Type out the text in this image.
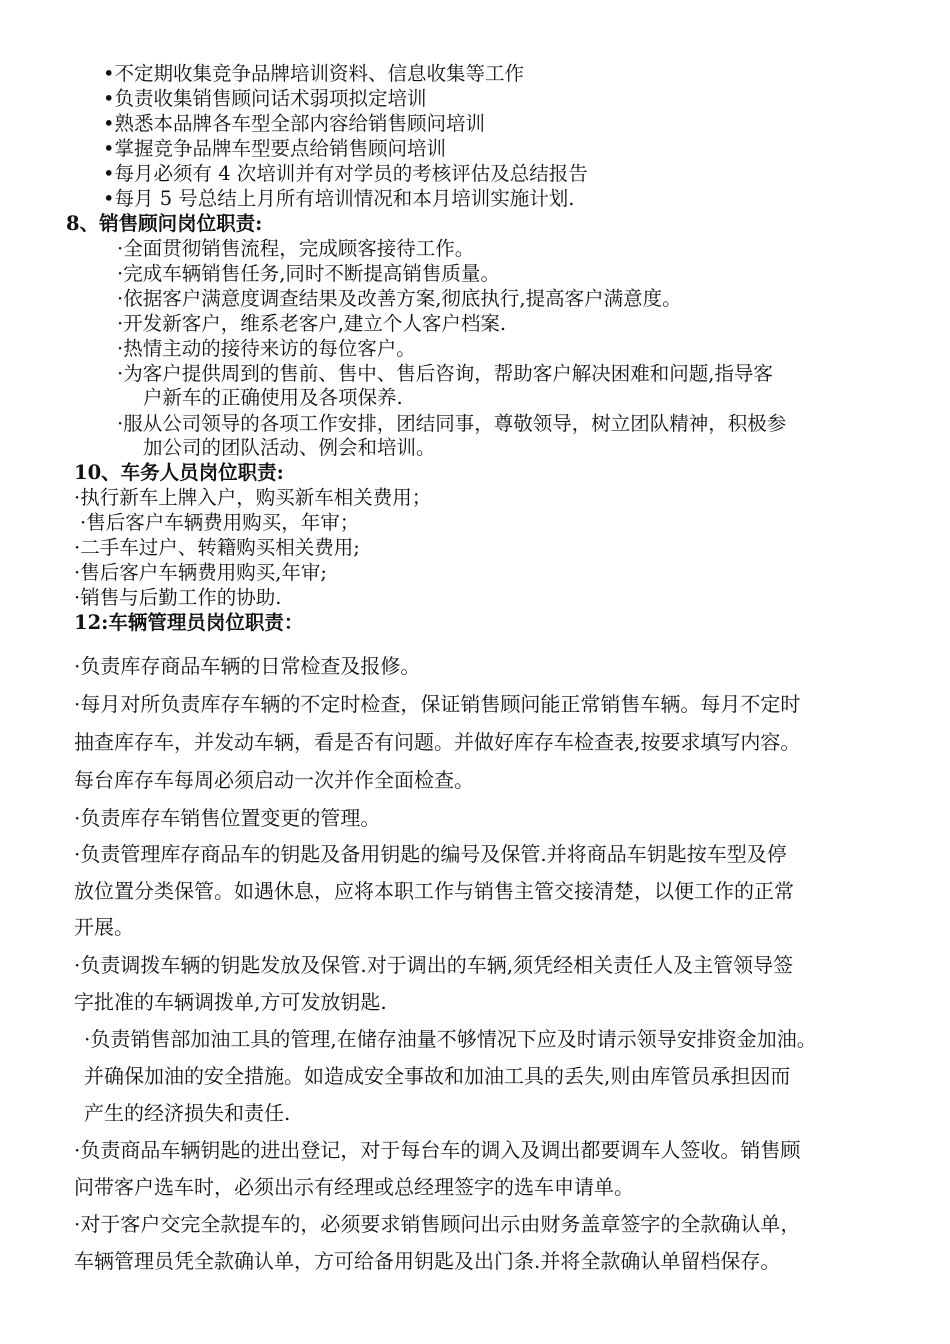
•不定期收集竞争品牌培训资料、信息收集等工作
•负责收集销售顾问话术弱项拟定培训
•熟悉本品牌各车型全部内容给销售顾问培训
•掌握竞争品牌车型要点给销售顾问培训
•每月必须有 4 次培训并有对学员的考核评估及总结报告
•每月 5 号总结上月所有培训情况和本月培训实施计划.
8、销售顾问岗位职责:
·全面贯彻销售流程，完成顾客接待工作。
·完成车辆销售任务,同时不断提高销售质量。
·依据客户满意度调查结果及改善方案,彻底执行,提高客户满意度。
·开发新客户，维系老客户,建立个人客户档案.
·热情主动的接待来访的每位客户。
·为客户提供周到的售前、售中、售后咨询，帮助客户解决困难和问题,指导客
户新车的正确使用及各项保养.
·服从公司领导的各项工作安排，团结同事，尊敬领导，树立团队精神，积极参
加公司的团队活动、例会和培训。
10、车务人员岗位职责:
·执行新车上牌入户，购买新车相关费用；
·售后客户车辆费用购买，年审；
·二手车过户、转籍购买相关费用;
·售后客户车辆费用购买,年审;
·销售与后勤工作的协助.
12:车辆管理员岗位职责：
·负责库存商品车辆的日常检查及报修。
·每月对所负责库存车辆的不定时检查，保证销售顾问能正常销售车辆。每月不定时
抽查库存车，并发动车辆，看是否有问题。并做好库存车检查表,按要求填写内容。
每台库存车每周必须启动一次并作全面检查。
·负责库存车销售位置变更的管理。
·负责管理库存商品车的钥匙及备用钥匙的编号及保管.并将商品车钥匙按车型及停
放位置分类保管。如遇休息，应将本职工作与销售主管交接清楚，以便工作的正常
开展。
·负责调拨车辆的钥匙发放及保管.对于调出的车辆,须凭经相关责任人及主管领导签
字批准的车辆调拨单,方可发放钥匙.
·负责销售部加油工具的管理,在储存油量不够情况下应及时请示领导安排资金加油。
并确保加油的安全措施。如造成安全事故和加油工具的丢失,则由库管员承担因而
产生的经济损失和责任.
·负责商品车辆钥匙的进出登记，对于每台车的调入及调出都要调车人签收。销售顾
问带客户选车时，必须出示有经理或总经理签字的选车申请单。
·对于客户交完全款提车的，必须要求销售顾问出示由财务盖章签字的全款确认单，
车辆管理员凭全款确认单，方可给备用钥匙及出门条.并将全款确认单留档保存。
